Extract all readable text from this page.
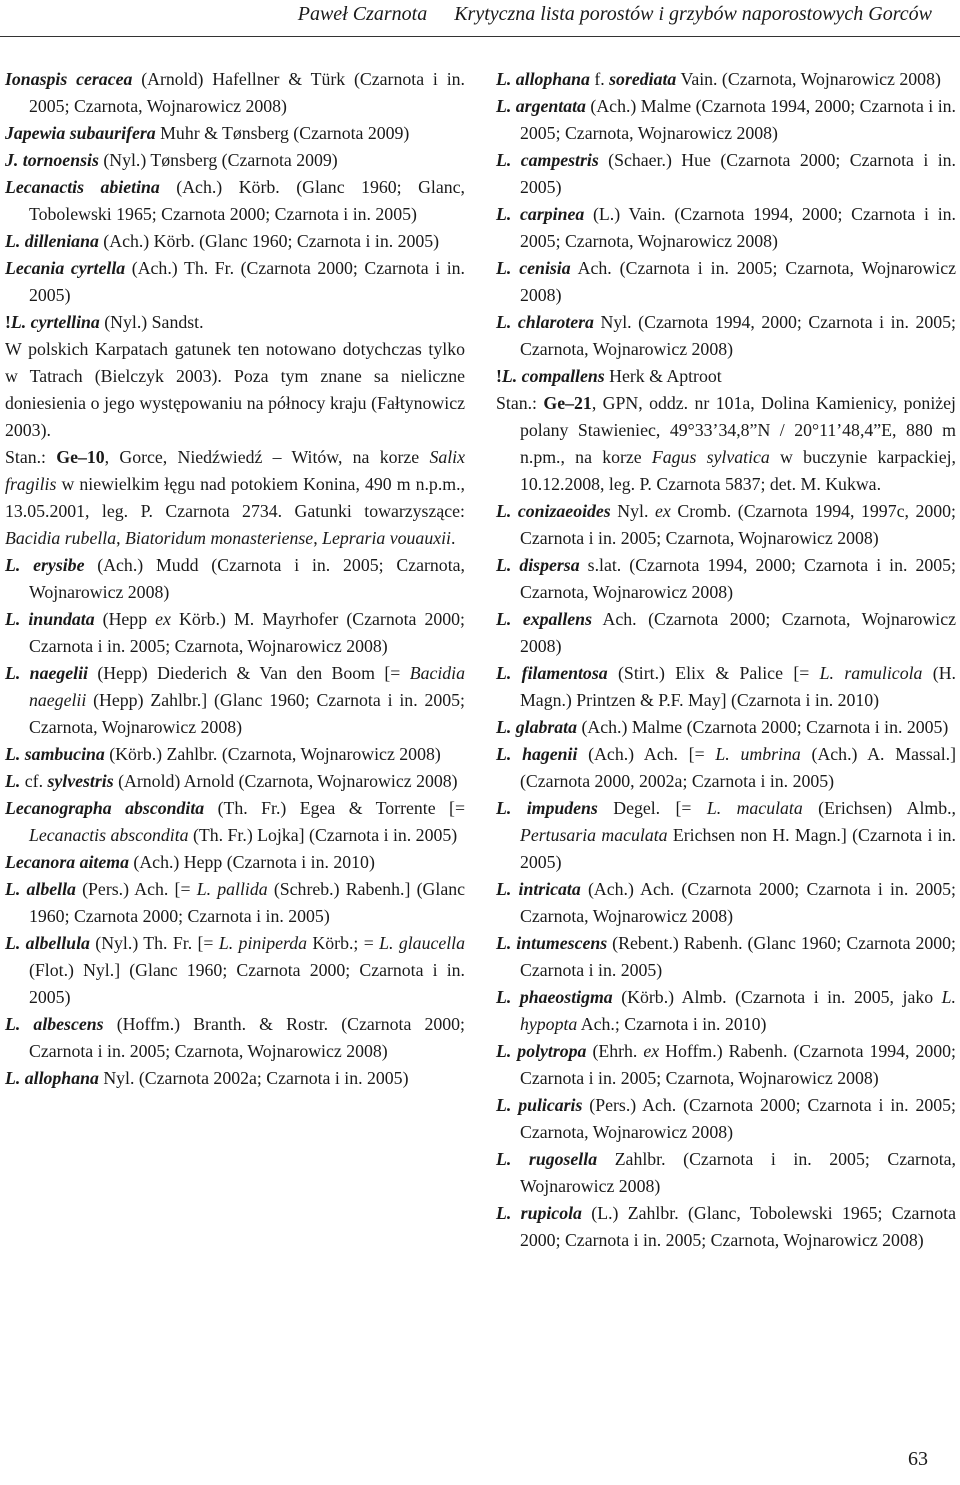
Paweł Czarnota Krytyczna lista porostów i grzybów naporostowych Gorców

Ionaspis ceracea (Arnold) Hafellner & Türk (Czarnota i in. 2005; Czarnota, Wojnarowicz 2008)

Japewia subaurifera Muhr & Tønsberg (Czarnota 2009)

J. tornoensis (Nyl.) Tønsberg (Czarnota 2009)

Lecanactis abietina (Ach.) Körb. (Glanc 1960; Glanc, Tobolewski 1965; Czarnota 2000; Czarnota i in. 2005)

L. dilleniana (Ach.) Körb. (Glanc 1960; Czarnota i in. 2005)

Lecania cyrtella (Ach.) Th. Fr. (Czarnota 2000; Czarnota i in. 2005)

!L. cyrtellina (Nyl.) Sandst.

W polskich Karpatach gatunek ten notowano dotychczas tylko w Tatrach (Bielczyk 2003). Poza tym znane sa nieliczne doniesienia o jego występowaniu na północy kraju (Fałtynowicz 2003).

Stan.: Ge–10, Gorce, Niedźwiedź – Witów, na korze Salix fragilis w niewielkim łęgu nad potokiem Konina, 490 m n.p.m., 13.05.2001, leg. P. Czarnota 2734. Gatunki towarzyszące: Bacidia rubella, Biatoridum monasteriense, Lepraria vouauxii.

L. erysibe (Ach.) Mudd (Czarnota i in. 2005; Czarnota, Wojnarowicz 2008)

L. inundata (Hepp ex Körb.) M. Mayrhofer (Czarnota 2000; Czarnota i in. 2005; Czarnota, Wojnarowicz 2008)

L. naegelii (Hepp) Diederich & Van den Boom [= Bacidia naegelii (Hepp) Zahlbr.] (Glanc 1960; Czarnota i in. 2005; Czarnota, Wojnarowicz 2008)

L. sambucina (Körb.) Zahlbr. (Czarnota, Wojnarowicz 2008)

L. cf. sylvestris (Arnold) Arnold (Czarnota, Wojnarowicz 2008)

Lecanographa abscondita (Th. Fr.) Egea & Torrente [= Lecanactis abscondita (Th. Fr.) Lojka] (Czarnota i in. 2005)

Lecanora aitema (Ach.) Hepp (Czarnota i in. 2010)

L. albella (Pers.) Ach. [= L. pallida (Schreb.) Rabenh.] (Glanc 1960; Czarnota 2000; Czarnota i in. 2005)

L. albellula (Nyl.) Th. Fr. [= L. piniperda Körb.; = L. glaucella (Flot.) Nyl.] (Glanc 1960; Czarnota 2000; Czarnota i in. 2005)

L. albescens (Hoffm.) Branth. & Rostr. (Czarnota 2000; Czarnota i in. 2005; Czarnota, Wojnarowicz 2008)

L. allophana Nyl. (Czarnota 2002a; Czarnota i in. 2005)

L. allophana f. sorediata Vain. (Czarnota, Wojnarowicz 2008)

L. argentata (Ach.) Malme (Czarnota 1994, 2000; Czarnota i in. 2005; Czarnota, Wojnarowicz 2008)

L. campestris (Schaer.) Hue (Czarnota 2000; Czarnota i in. 2005)

L. carpinea (L.) Vain. (Czarnota 1994, 2000; Czarnota i in. 2005; Czarnota, Wojnarowicz 2008)

L. cenisia Ach. (Czarnota i in. 2005; Czarnota, Wojnarowicz 2008)

L. chlarotera Nyl. (Czarnota 1994, 2000; Czarnota i in. 2005; Czarnota, Wojnarowicz 2008)

!L. compallens Herk & Aptroot

Stan.: Ge–21, GPN, oddz. nr 101a, Dolina Kamienicy, poniżej polany Stawieniec, 49°33’34,8”N / 20°11’48,4”E, 880 m n.pm., na korze Fagus sylvatica w buczynie karpackiej, 10.12.2008, leg. P. Czarnota 5837; det. M. Kukwa.

L. conizaeoides Nyl. ex Cromb. (Czarnota 1994, 1997c, 2000; Czarnota i in. 2005; Czarnota, Wojnarowicz 2008)

L. dispersa s.lat. (Czarnota 1994, 2000; Czarnota i in. 2005; Czarnota, Wojnarowicz 2008)

L. expallens Ach. (Czarnota 2000; Czarnota, Wojnarowicz 2008)

L. filamentosa (Stirt.) Elix & Palice [= L. ramulicola (H. Magn.) Printzen & P.F. May] (Czarnota i in. 2010)

L. glabrata (Ach.) Malme (Czarnota 2000; Czarnota i in. 2005)

L. hagenii (Ach.) Ach. [= L. umbrina (Ach.) A. Massal.] (Czarnota 2000, 2002a; Czarnota i in. 2005)

L. impudens Degel. [= L. maculata (Erichsen) Almb., Pertusaria maculata Erichsen non H. Magn.] (Czarnota i in. 2005)

L. intricata (Ach.) Ach. (Czarnota 2000; Czarnota i in. 2005; Czarnota, Wojnarowicz 2008)

L. intumescens (Rebent.) Rabenh. (Glanc 1960; Czarnota 2000; Czarnota i in. 2005)

L. phaeostigma (Körb.) Almb. (Czarnota i in. 2005, jako L. hypopta Ach.; Czarnota i in. 2010)

L. polytropa (Ehrh. ex Hoffm.) Rabenh. (Czarnota 1994, 2000; Czarnota i in. 2005; Czarnota, Wojnarowicz 2008)

L. pulicaris (Pers.) Ach. (Czarnota 2000; Czarnota i in. 2005; Czarnota, Wojnarowicz 2008)

L. rugosella Zahlbr. (Czarnota i in. 2005; Czarnota, Wojnarowicz 2008)

L. rupicola (L.) Zahlbr. (Glanc, Tobolewski 1965; Czarnota 2000; Czarnota i in. 2005; Czarnota, Wojnarowicz 2008)

63
